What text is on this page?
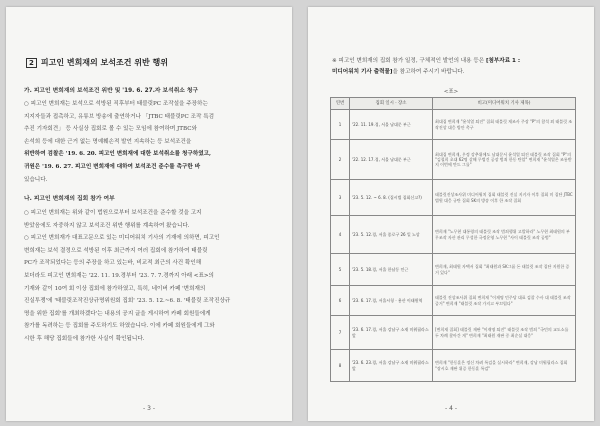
2 피고인 변희재의 보석조건 위반 행위
가. 피고인 변희재의 보석조건 위반 및 '19. 6. 27.자 보석취소 청구
○ 피고인 변희재는 보석으로 석방된 직후부터 태블릿PC 조작설을 주장하는
지지자들과 접촉하고, 유튜브 방송에 출연하거나 「JTBC 태블릿PC 조작 특검
추진 기자회견」 등 사실상 집회로 볼 수 있는 모임에 참여하며 JTBC와
손석희 등에 대한 근거 없는 명예훼손적 발언 지속하는 등 보석조건을
위반하여 검찰은 '19. 6. 20. 피고인 변희재에 대한 보석취소를 청구하였고,
귀원은 '19. 6. 27. 피고인 변희재에 대하여 보석조건 준수를 촉구한 바
있습니다.
나. 피고인 변희재의 집회 참가 여부
○ 피고인 변희재는 위와 같이 법원으로부터 보석조건을 준수할 것을 고지
받았음에도 자중하지 않고 보석조건 위반 행위를 계속하여 왔습니다.
○ 피고인 변희재가 대표고문으로 있는 미디어워치 기사의 기재에 의하면, 피고인
변희재는 보석 결정으로 석방된 이후 최근까지 여러 집회에 참가하여 태블릿
PC가 조작되었다는 등의 주장을 하고 있는바, 비교적 최근의 사건 확인해
보더라도 피고인 변희재는 '22. 11. 19.경부터 '23. 7. 7.경까지 아래 <표>의
기재와 같이 10여 회 이상 집회에 참가하였고, 특히, 네이버 카페 '변희재의
진실투쟁'에 '태블릿조작진상규명위원회 집회' '23. 5. 12.~6. 8. '태블릿 조작진상규
명을 위한 집회'를 개최하겠다'는 내용의 공지 글을 게시하여 카페 회원들에게
참가를 독려하는 등 집회를 주도하기도 하였습니다. 이에 카페 회원들에게 그와
시한 후 해당 집회들에 참가한 사실이 확인됩니다.
- 3 -
※ 피고인 변희재의 집회 참가 일정, 구체적인 발언의 내용 등은 [첨부자료 1 :
미디어워치 기사 출력물]을 참고하여 주시기 바랍니다.
<표>
연번	집회 일시 · 장소	비고(미디어워치 기사 제목)
1	'22. 11. 19.경, 서울 남대문 부근	최대집 변희재 "윤석열 퇴진" 집회 태블릿 재조사 주장 "P"의 참석 외 태블릿 조작진상 대응 방안 촉구
2	'22. 12. 17.경, 서울 남대문 부근	최대집 변희재, 우정 강추위에도 남대문서 윤석열 퇴진 태블릿 조작 집회 "P"의 "김철희 초대 62명 살해 무법건 공장 범죄 한동 탄압" 변희재 "윤석열은 조롱받지 이번에 만드 그를"
3	'23. 5. 12. ~ 6. 8. (집시법 집회신고?)	태블릿진상조사위 미디어워치 집회 태블릿 진실 지키자 이후 집회 미 집단 JTBC 법원 대응 규탄 집회 SK의 방송 이후 한 조작 집회
4	'23. 5. 12.경, 서울 종로구 26 일 노상	변희재 "노무현 대통령의 태블릿 조작 범죄행위 고발하라" 노무현 최태원의 부무조작 자산 관리 무성한 국정운영 노무현 "사이 태블릿 조작 공범"
5	'23. 5. 18.경, 서울 한남동 인근	변희재, 최태원 자택서 집회 "최태원과 SK그룹 돈 태블릿 조작 집단 지원한 증거 있다"
6	'23. 6. 17.경, 서울시청 · 용산 이태원역	태블릿 진상조사위 집회 변희재 "이재명 민주당 대표 검찰 수사 대 태블릿 조작 증거" 변희재 "태블릿 조작 가지고 부끄럽다"
7	'23. 6. 17.경, 서울 강남구 소재 미워필라스 앞	[변희재 집회] 태블릿 재판 "이재명 퇴진" 태블릿 조작 범죄 "국민의 교도소를 두 차례 찾아간 게" 변희재 "최태원 재판 중 최순실 대응"
8	'23. 6. 23.경, 서울 강남구 소재 미워필라스 앞	변희재 "한동훈은 정신 차려 특검을 실시하라" 변희재, 강남 미워필라스 집회 "장시호 재판 위증 한동훈 특검"
- 4 -
